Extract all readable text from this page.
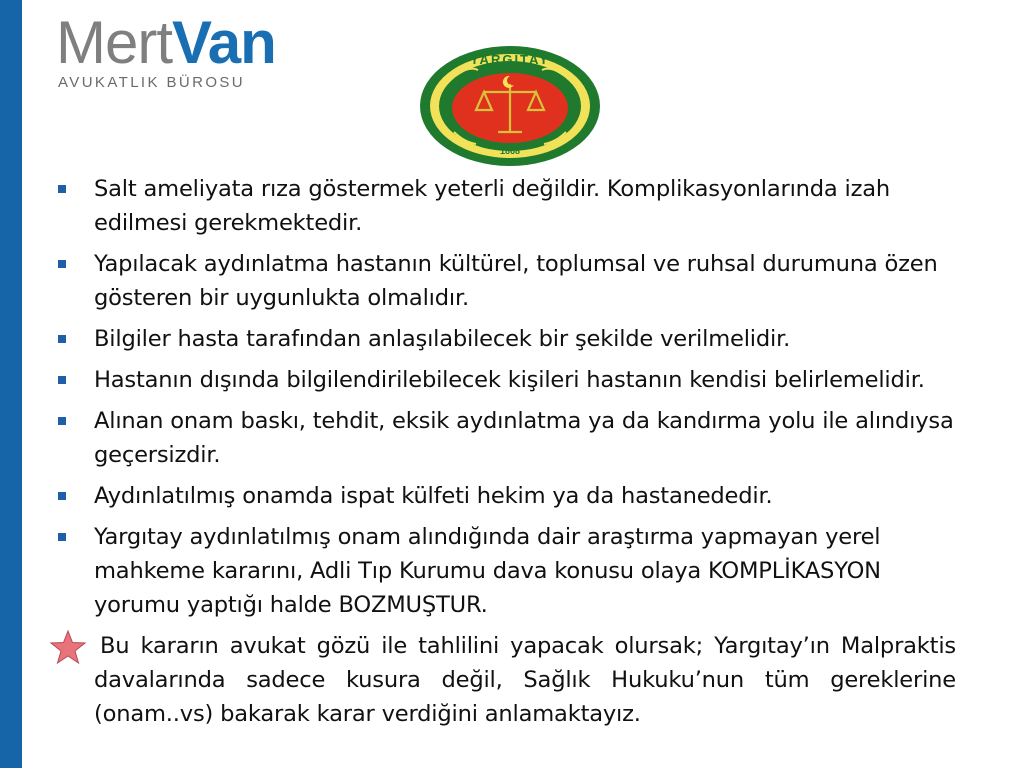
MertVan
AVUKATLIK BÜROSU
YARGITAY
1868
Salt ameliyata rıza göstermek yeterli değildir. Komplikasyonlarında izah edilmesi gerekmektedir.
Yapılacak aydınlatma hastanın kültürel, toplumsal ve ruhsal durumuna özen gösteren bir uygunlukta olmalıdır.
Bilgiler hasta tarafından anlaşılabilecek bir şekilde verilmelidir.
Hastanın dışında bilgilendirilebilecek kişileri hastanın kendisi belirlemelidir.
Alınan onam baskı, tehdit, eksik aydınlatma ya da kandırma yolu ile alındıysa geçersizdir.
Aydınlatılmış onamda ispat külfeti hekim ya da hastanededir.
Yargıtay aydınlatılmış onam alındığında dair araştırma yapmayan yerel mahkeme kararını, Adli Tıp Kurumu dava konusu olaya KOMPLİKASYON yorumu yaptığı halde BOZMUŞTUR.

Bu kararın avukat gözü ile tahlilini yapacak olursak; Yargıtay’ın Malpraktis davalarında sadece kusura değil, Sağlık Hukuku’nun tüm gereklerine (onam..vs) bakarak karar verdiğini anlamaktayız.
